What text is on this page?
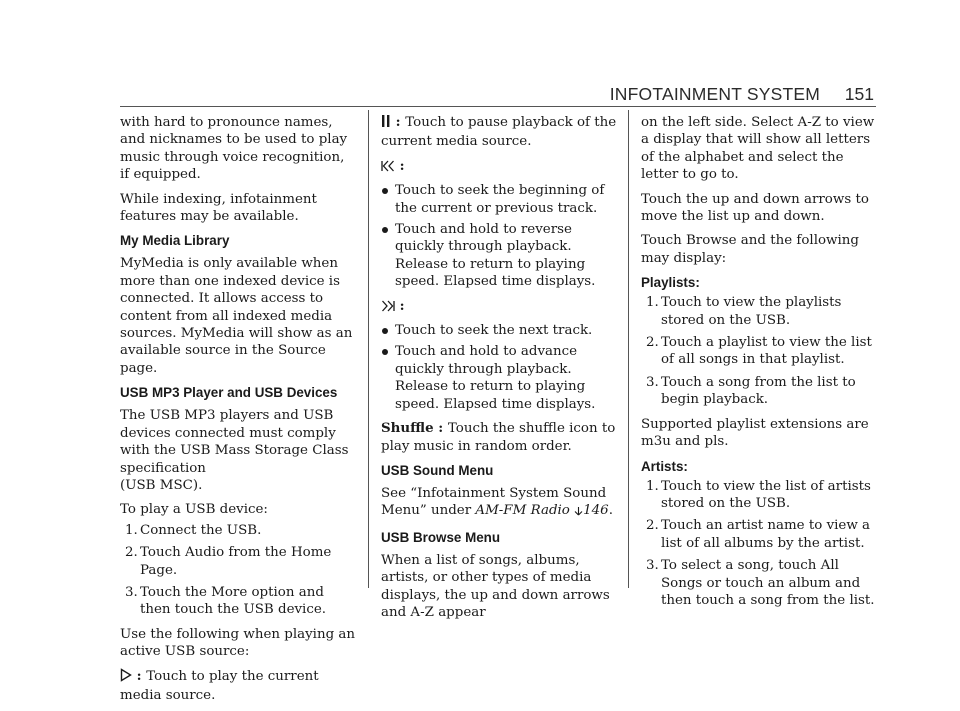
INFOTAINMENT SYSTEM 151

with hard to pronounce names, and nicknames to be used to play music through voice recognition, if equipped.

While indexing, infotainment features may be available.

My Media Library

MyMedia is only available when more than one indexed device is connected. It allows access to content from all indexed media sources. MyMedia will show as an available source in the Source page.

USB MP3 Player and USB Devices

The USB MP3 players and USB devices connected must comply with the USB Mass Storage Class specification
(USB MSC).

To play a USB device:

1. Connect the USB.
2. Touch Audio from the Home Page.
3. Touch the More option and then touch the USB device.

Use the following when playing an active USB source:

: Touch to play the current media source.

: Touch to pause playback of the current media source.

:

Touch to seek the beginning of the current or previous track.
Touch and hold to reverse quickly through playback. Release to return to playing speed. Elapsed time displays.

:

Touch to seek the next track.
Touch and hold to advance quickly through playback. Release to return to playing speed. Elapsed time displays.

Shuffle : Touch the shuffle icon to play music in random order.

USB Sound Menu

See “Infotainment System Sound Menu” under AM-FM Radio 146.

USB Browse Menu

When a list of songs, albums, artists, or other types of media displays, the up and down arrows and A-Z appear

on the left side. Select A-Z to view a display that will show all letters of the alphabet and select the letter to go to.

Touch the up and down arrows to move the list up and down.

Touch Browse and the following may display:

Playlists:
1. Touch to view the playlists stored on the USB.
2. Touch a playlist to view the list of all songs in that playlist.
3. Touch a song from the list to begin playback.

Supported playlist extensions are m3u and pls.

Artists:
1. Touch to view the list of artists stored on the USB.
2. Touch an artist name to view a list of all albums by the artist.
3. To select a song, touch All Songs or touch an album and then touch a song from the list.
